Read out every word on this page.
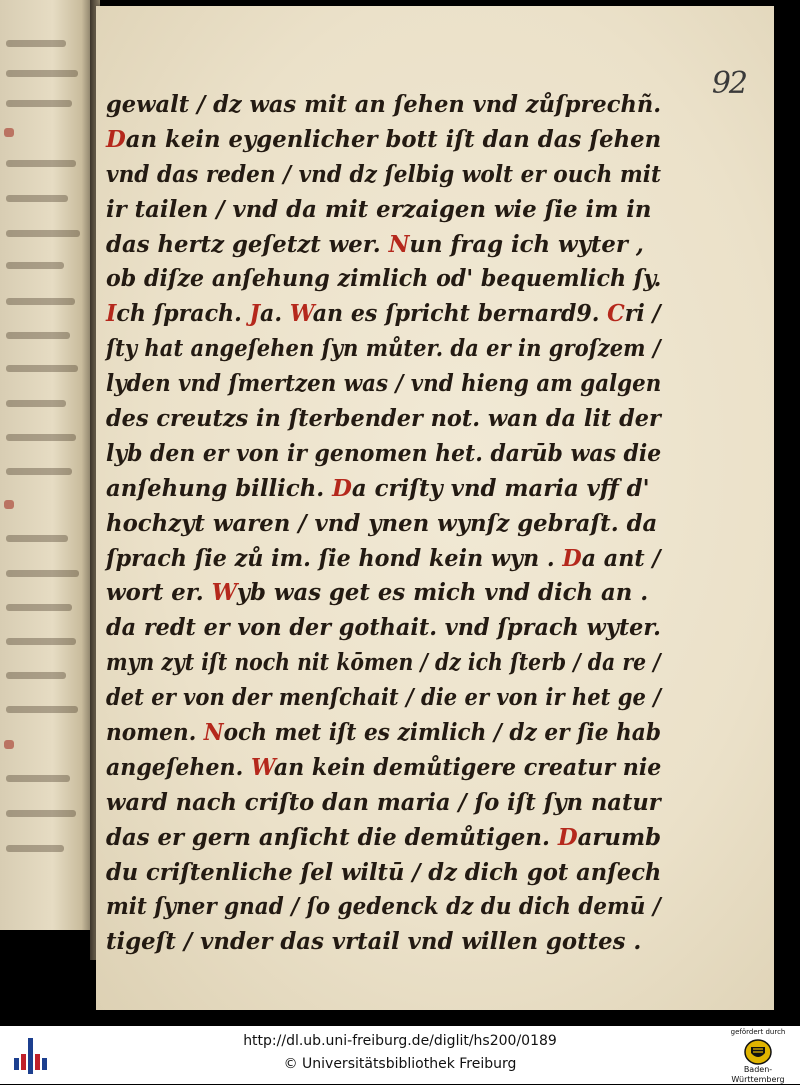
92
gewalt / dz was mit an ſehen vnd zůſprechñ.
Dan kein eygenlicher bott iſt dan das ſehen
vnd das reden / vnd dz ſelbig wolt er ouch mit
ir tailen / vnd da mit erzaigen wie ſie im in
das hertz geſetzt wer. Nun frag ich wyter ,
ob diſze anſehung zimlich od' bequemlich ſy.
Ich ſprach. Ja. Wan es ſpricht bernard9. Cri /
ſty hat angeſehen ſyn můter. da er in groſzem /
lyden vnd ſmertzen was / vnd hieng am galgen
des creutzs in ſterbender not. wan da lit der
lyb den er von ir genomen het. darūb was die
anſehung billich. Da criſty vnd maria vff d'
hochzyt waren / vnd ynen wynſz gebraſt. da
ſprach ſie zů im. ſie hond kein wyn . Da ant /
wort er. Wyb was get es mich vnd dich an .
da redt er von der gothait. vnd ſprach wyter.
myn zyt iſt noch nit kōmen / dz ich ſterb / da re /
det er von der menſchait / die er von ir het ge /
nomen. Noch met iſt es zimlich / dz er ſie hab
angeſehen. Wan kein demůtigere creatur nie
ward nach criſto dan maria / ſo iſt ſyn natur
das er gern anſicht die demůtigen. Darumb
du criſtenliche ſel wiltū / dz dich got anſech
mit ſyner gnad / ſo gedenck dz du dich demū /
tigeſt / vnder das vrtail vnd willen gottes .
http://dl.ub.uni-freiburg.de/diglit/hs200/0189
© Universitätsbibliothek Freiburg
gefördert durch
Baden-Württemberg
